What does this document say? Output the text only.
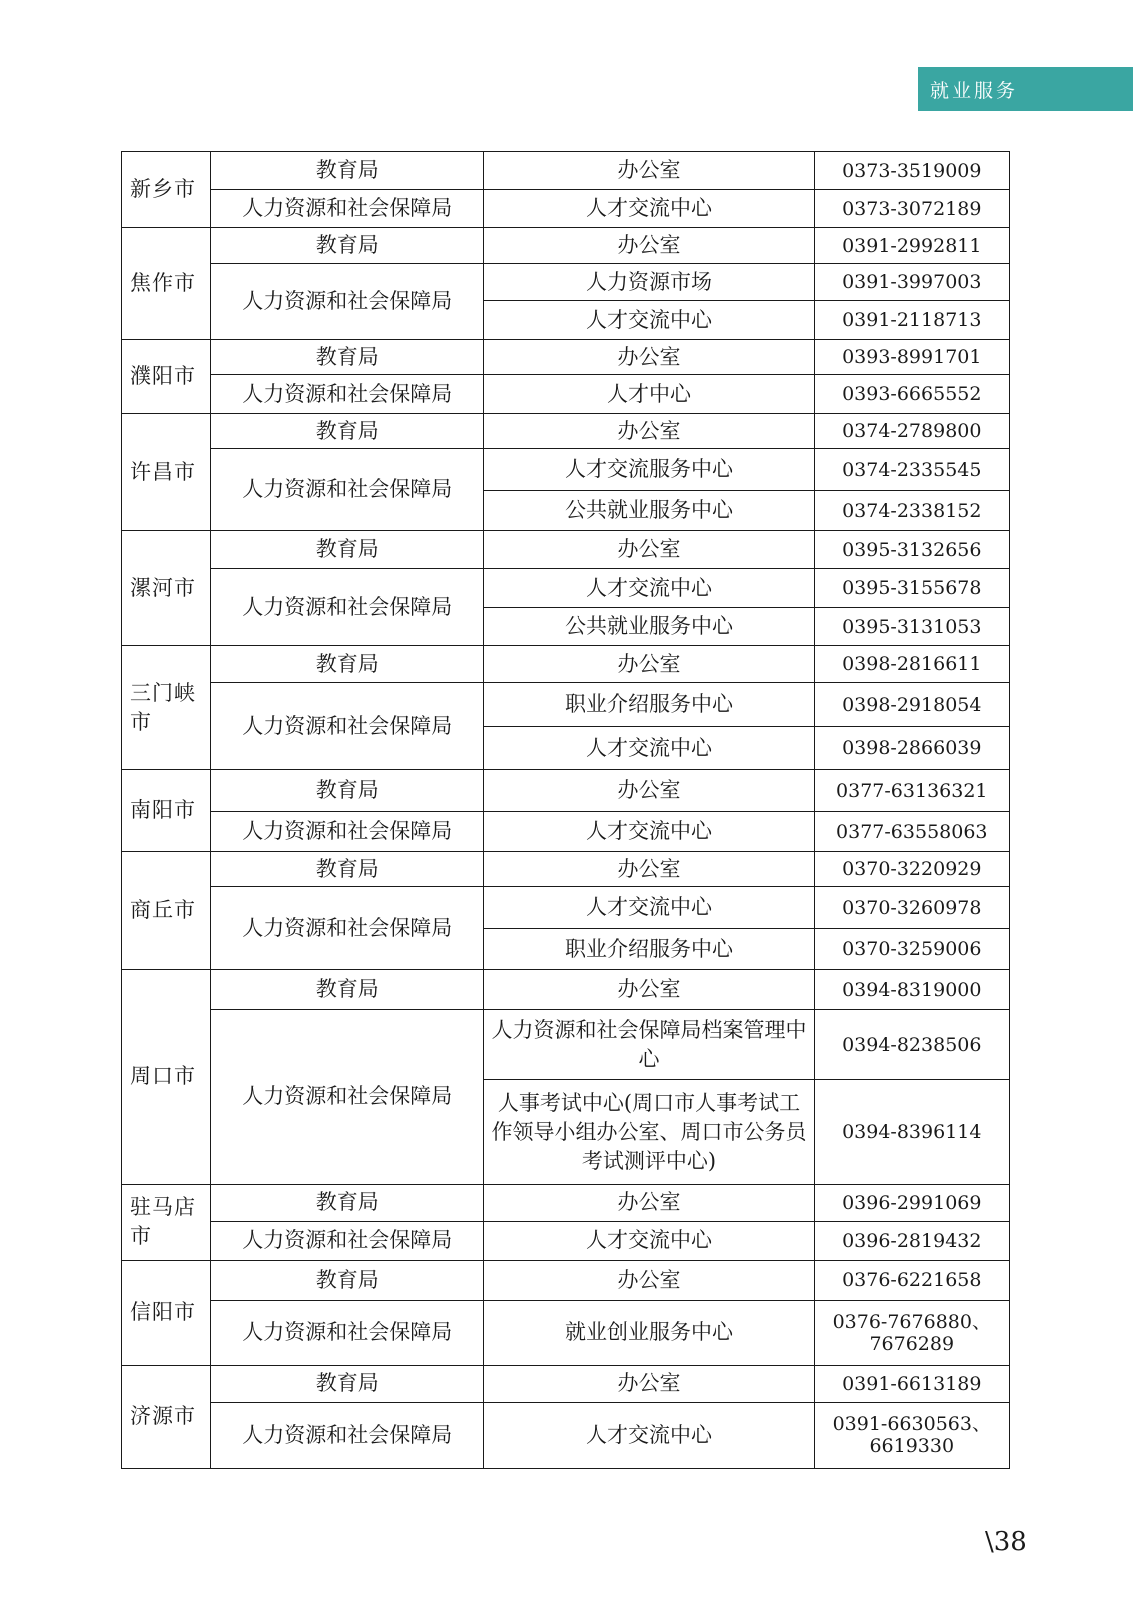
就业服务
新乡市	教育局	办公室	0373-3519009
	人力资源和社会保障局	人才交流中心	0373-3072189
焦作市	教育局	办公室	0391-2992811
	人力资源和社会保障局	人力资源市场	0391-3997003
		人才交流中心	0391-2118713
濮阳市	教育局	办公室	0393-8991701
	人力资源和社会保障局	人才中心	0393-6665552
许昌市	教育局	办公室	0374-2789800
	人力资源和社会保障局	人才交流服务中心	0374-2335545
		公共就业服务中心	0374-2338152
漯河市	教育局	办公室	0395-3132656
	人力资源和社会保障局	人才交流中心	0395-3155678
		公共就业服务中心	0395-3131053
三门峡市	教育局	办公室	0398-2816611
	人力资源和社会保障局	职业介绍服务中心	0398-2918054
		人才交流中心	0398-2866039
南阳市	教育局	办公室	0377-63136321
	人力资源和社会保障局	人才交流中心	0377-63558063
商丘市	教育局	办公室	0370-3220929
	人力资源和社会保障局	人才交流中心	0370-3260978
		职业介绍服务中心	0370-3259006
周口市	教育局	办公室	0394-8319000
	人力资源和社会保障局	人力资源和社会保障局档案管理中心	0394-8238506
		人事考试中心(周口市人事考试工作领导小组办公室、周口市公务员考试测评中心)	0394-8396114
驻马店市	教育局	办公室	0396-2991069
	人力资源和社会保障局	人才交流中心	0396-2819432
信阳市	教育局	办公室	0376-6221658
	人力资源和社会保障局	就业创业服务中心	0376-7676880、7676289
济源市	教育局	办公室	0391-6613189
	人力资源和社会保障局	人才交流中心	0391-6630563、6619330
\38
